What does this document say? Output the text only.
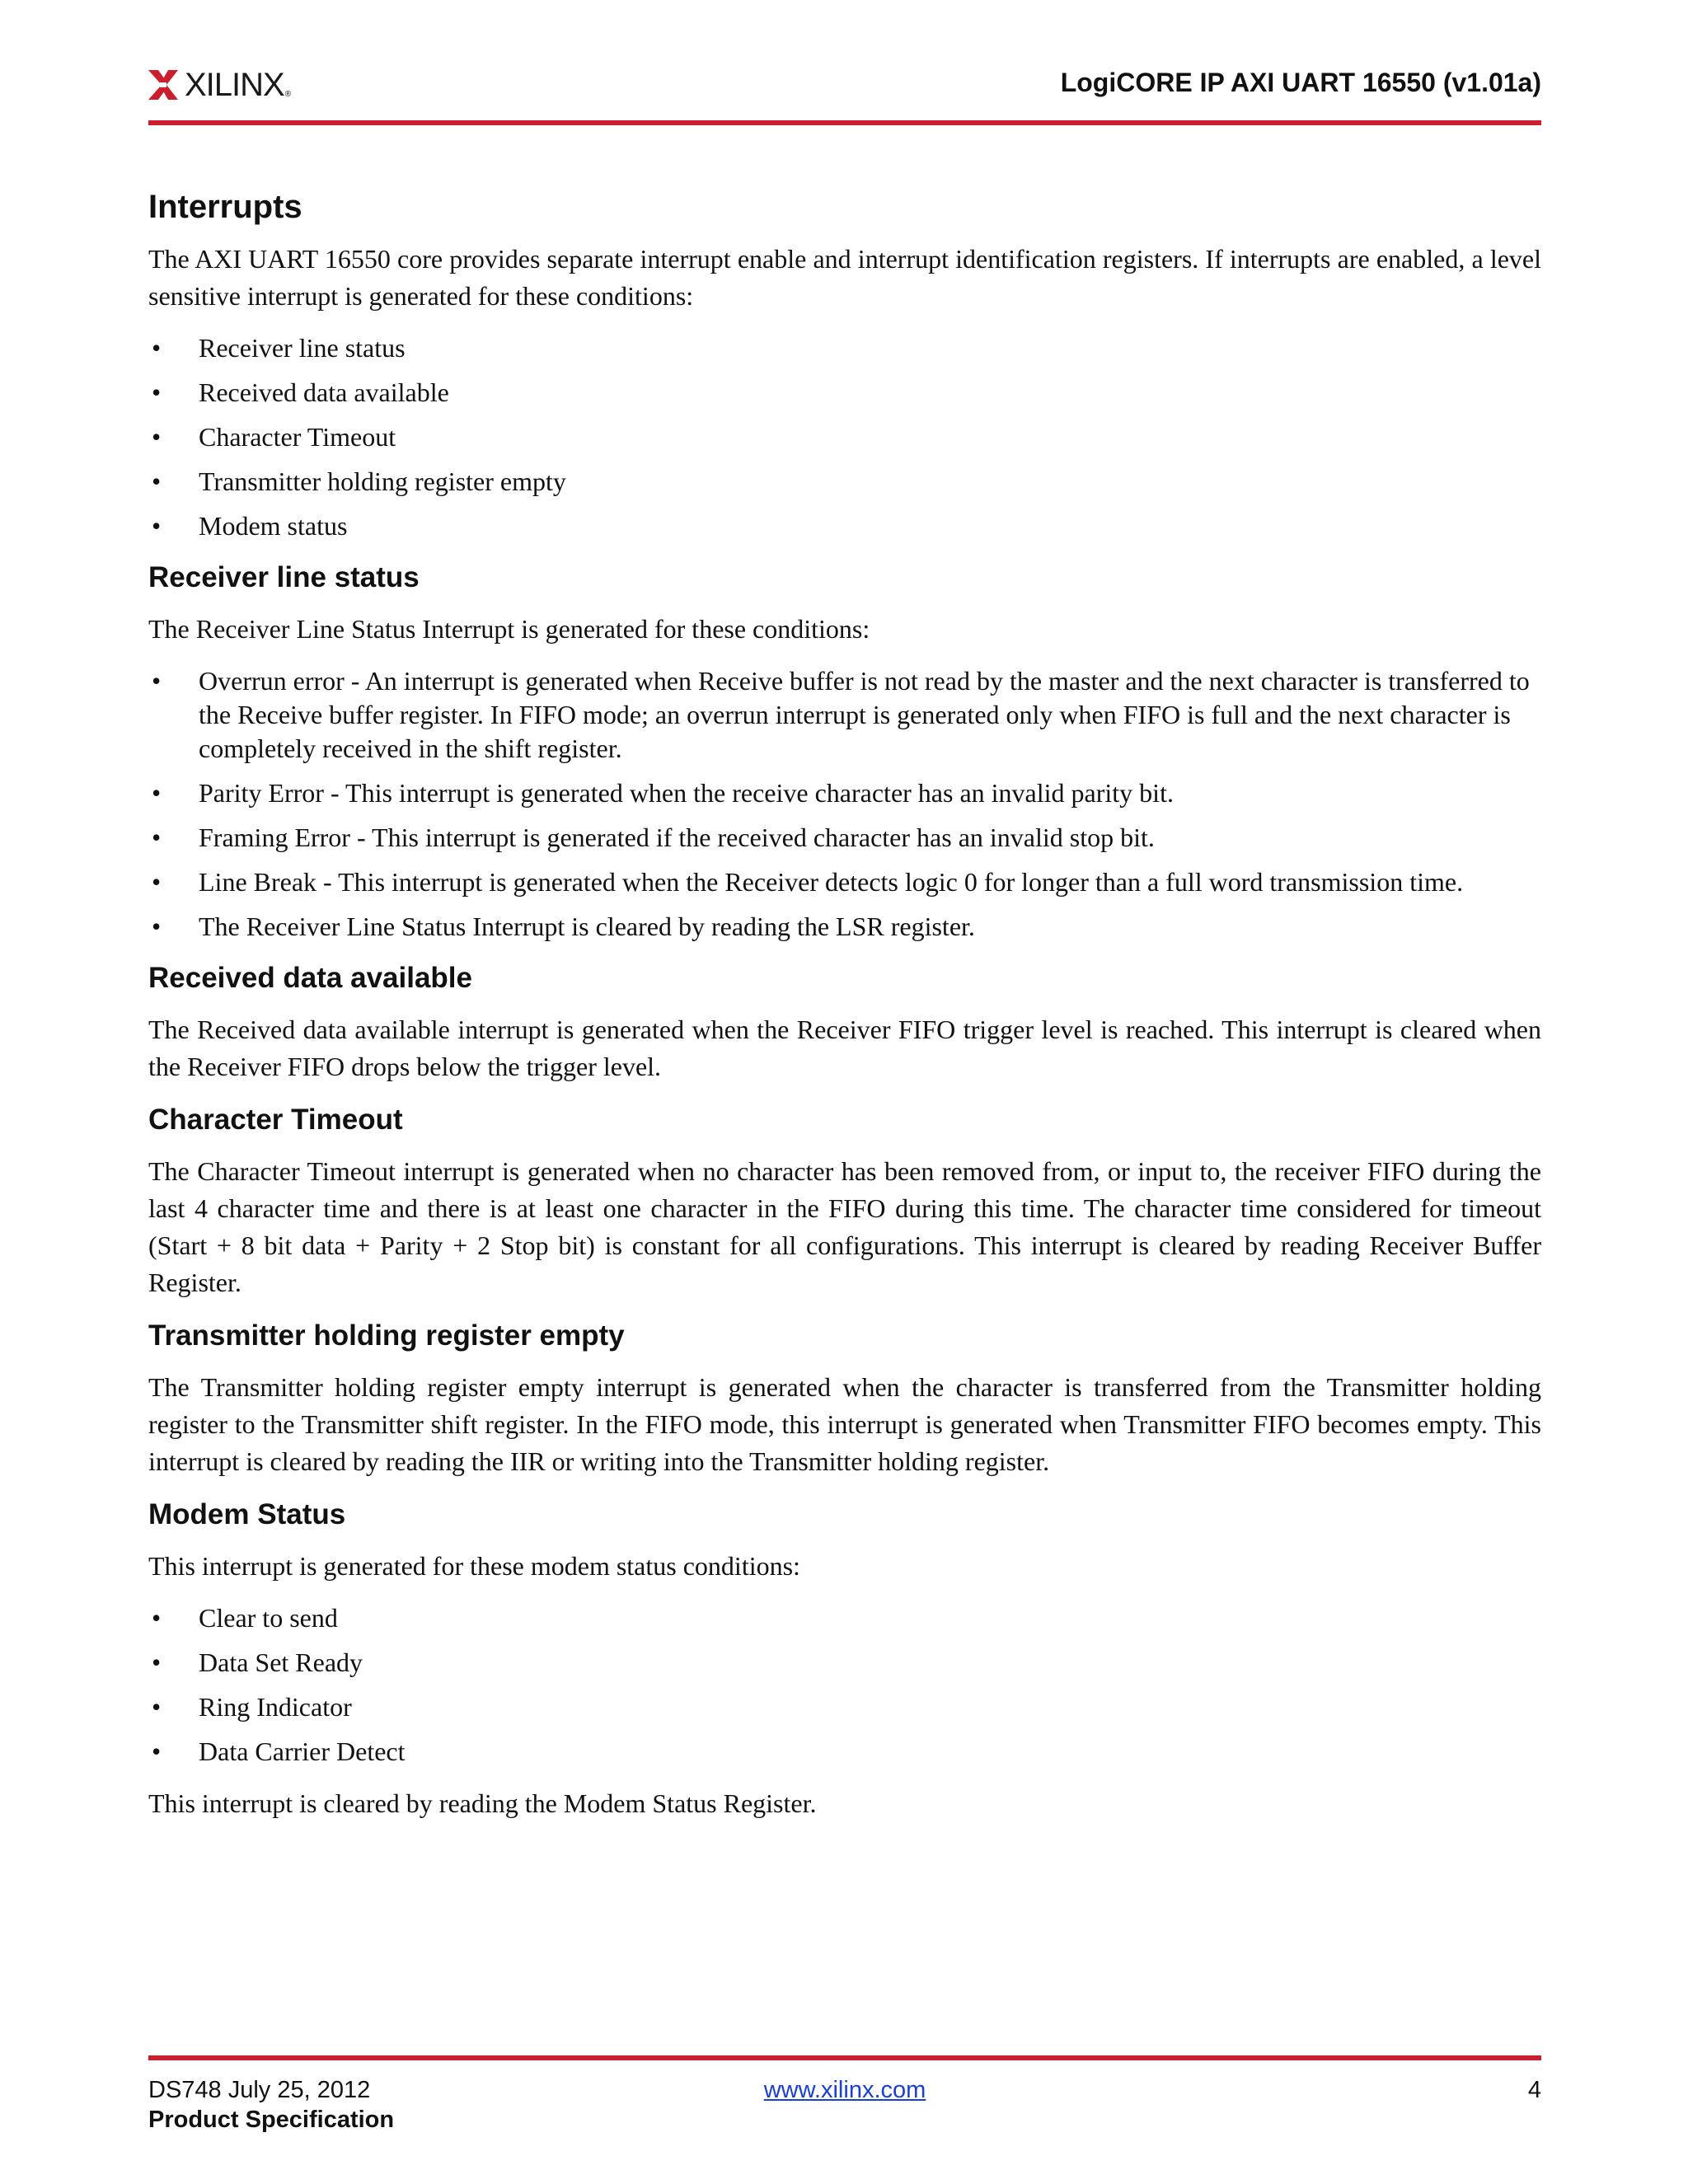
XILINX ®	LogiCORE IP AXI UART 16550 (v1.01a)
Interrupts

The AXI UART 16550 core provides separate interrupt enable and interrupt identification registers. If interrupts are enabled, a level sensitive interrupt is generated for these conditions:

• Receiver line status
• Received data available
• Character Timeout
• Transmitter holding register empty
• Modem status
Receiver line status

The Receiver Line Status Interrupt is generated for these conditions:

• Overrun error - An interrupt is generated when Receive buffer is not read by the master and the next character is transferred to the Receive buffer register. In FIFO mode; an overrun interrupt is generated only when FIFO is full and the next character is completely received in the shift register.
• Parity Error - This interrupt is generated when the receive character has an invalid parity bit.
• Framing Error - This interrupt is generated if the received character has an invalid stop bit.
• Line Break - This interrupt is generated when the Receiver detects logic 0 for longer than a full word transmission time.
• The Receiver Line Status Interrupt is cleared by reading the LSR register.
Received data available

The Received data available interrupt is generated when the Receiver FIFO trigger level is reached. This interrupt is cleared when the Receiver FIFO drops below the trigger level.

Character Timeout

The Character Timeout interrupt is generated when no character has been removed from, or input to, the receiver FIFO during the last 4 character time and there is at least one character in the FIFO during this time. The character time considered for timeout (Start + 8 bit data + Parity + 2 Stop bit) is constant for all configurations. This interrupt is cleared by reading Receiver Buffer Register.

Transmitter holding register empty

The Transmitter holding register empty interrupt is generated when the character is transferred from the Transmitter holding register to the Transmitter shift register. In the FIFO mode, this interrupt is generated when Transmitter FIFO becomes empty. This interrupt is cleared by reading the IIR or writing into the Transmitter holding register.

Modem Status

This interrupt is generated for these modem status conditions:

• Clear to send
• Data Set Ready
• Ring Indicator
• Data Carrier Detect

This interrupt is cleared by reading the Modem Status Register.

DS748 July 25, 2012
Product Specification
www.xilinx.com	4
